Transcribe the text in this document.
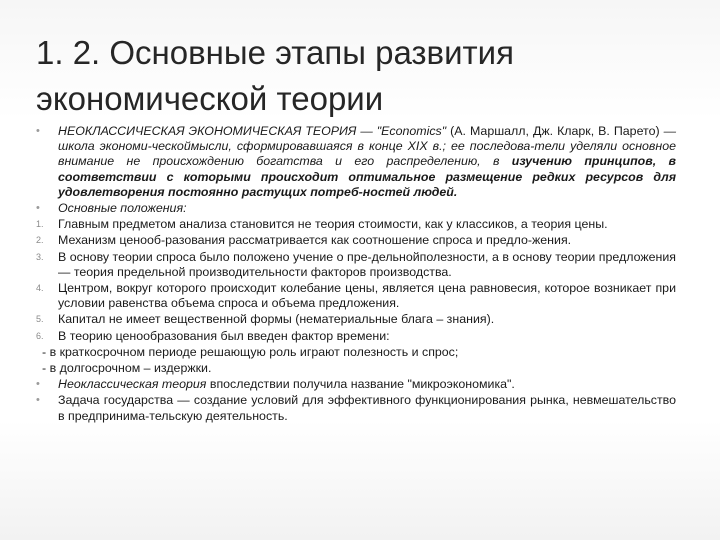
1. 2. Основные этапы развития экономической теории
•	НЕОКЛАССИЧЕСКАЯ ЭКОНОМИЧЕСКАЯ ТЕОРИЯ — "Economics" (А. Маршалл, Дж. Кларк, В. Парето) — школа экономи-ческоймысли, сформировавшаяся в конце XIX в.; ее последова-тели уделяли основное внимание не происхождению богатства и его распределению, в изучению принципов, в соответствии с которыми происходит оптимальное размещение редких ресурсов для удовлетворения постоянно растущих потреб-ностей людей.
•	Основные положения:
1.	Главным предметом анализа становится не теория стоимости, как у классиков, а теория цены.
2.	Механизм ценооб-разования рассматривается как соотношение спроса и предло-жения.
3.	В основу теории спроса было положено учение о пре-дельнойполезности, а в основу теории предложения — теория предельной производительности факторов производства.
4.	Центром, вокруг которого происходит колебание цены, является цена равновесия, которое возникает при условии равенства объема спроса и объема предложения.
5.	Капитал не имеет вещественной формы (нематериальные блага – знания).
6.	В теорию ценообразования был введен фактор времени:
- в краткосрочном периоде решающую роль играют полезность и спрос;
- в долгосрочном – издержки.
•	Неоклассическая теория впоследствии получила название "микроэкономика".
•	Задача государства — создание условий для эффективного функционирования рынка, невмешательство в предпринима-тельскую деятельность.
